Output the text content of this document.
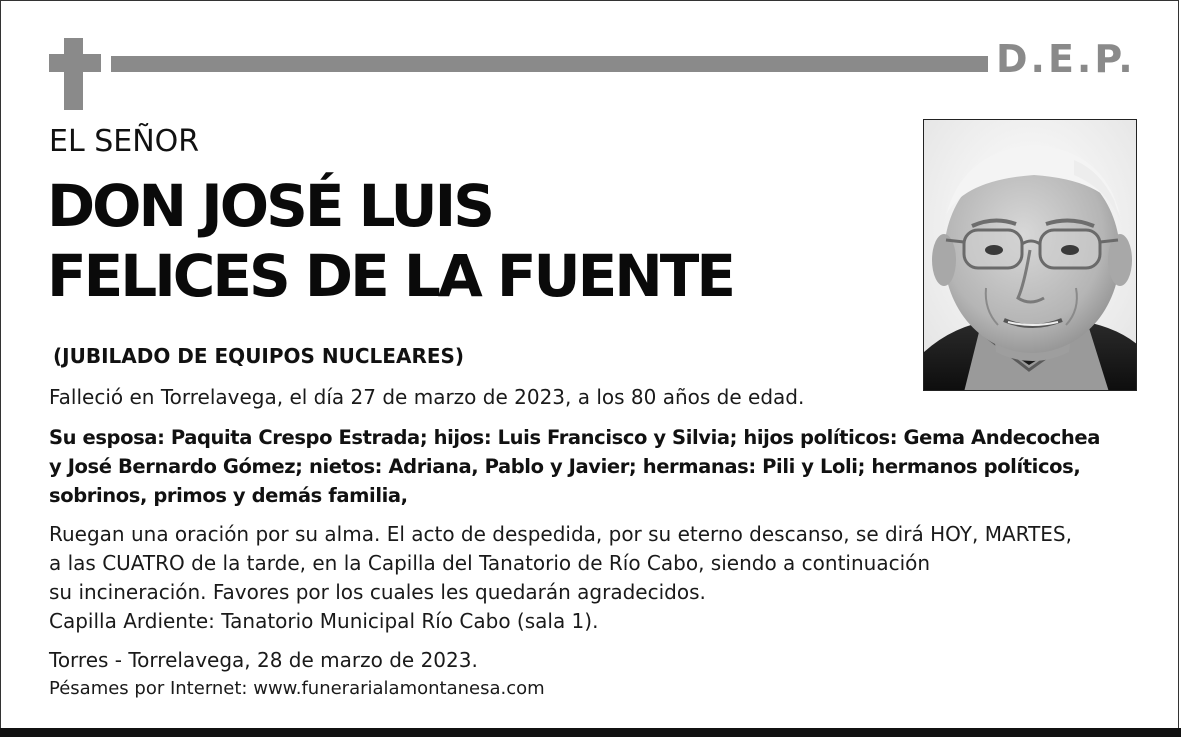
D.E.P.
EL SEÑOR
DON JOSÉ LUIS
FELICES DE LA FUENTE
(JUBILADO DE EQUIPOS NUCLEARES)
Falleció en Torrelavega, el día 27 de marzo de 2023, a los 80 años de edad.
Su esposa: Paquita Crespo Estrada; hijos: Luis Francisco y Silvia; hijos políticos: Gema Andecochea
y José Bernardo Gómez; nietos: Adriana, Pablo y Javier; hermanas: Pili y Loli; hermanos políticos,
sobrinos, primos y demás familia,
Ruegan una oración por su alma. El acto de despedida, por su eterno descanso, se dirá HOY, MARTES,
a las CUATRO de la tarde, en la Capilla del Tanatorio de Río Cabo, siendo a continuación
su incineración. Favores por los cuales les quedarán agradecidos.
Capilla Ardiente: Tanatorio Municipal Río Cabo (sala 1).
Torres - Torrelavega, 28 de marzo de 2023.
Pésames por Internet: www.funerarialamontanesa.com
